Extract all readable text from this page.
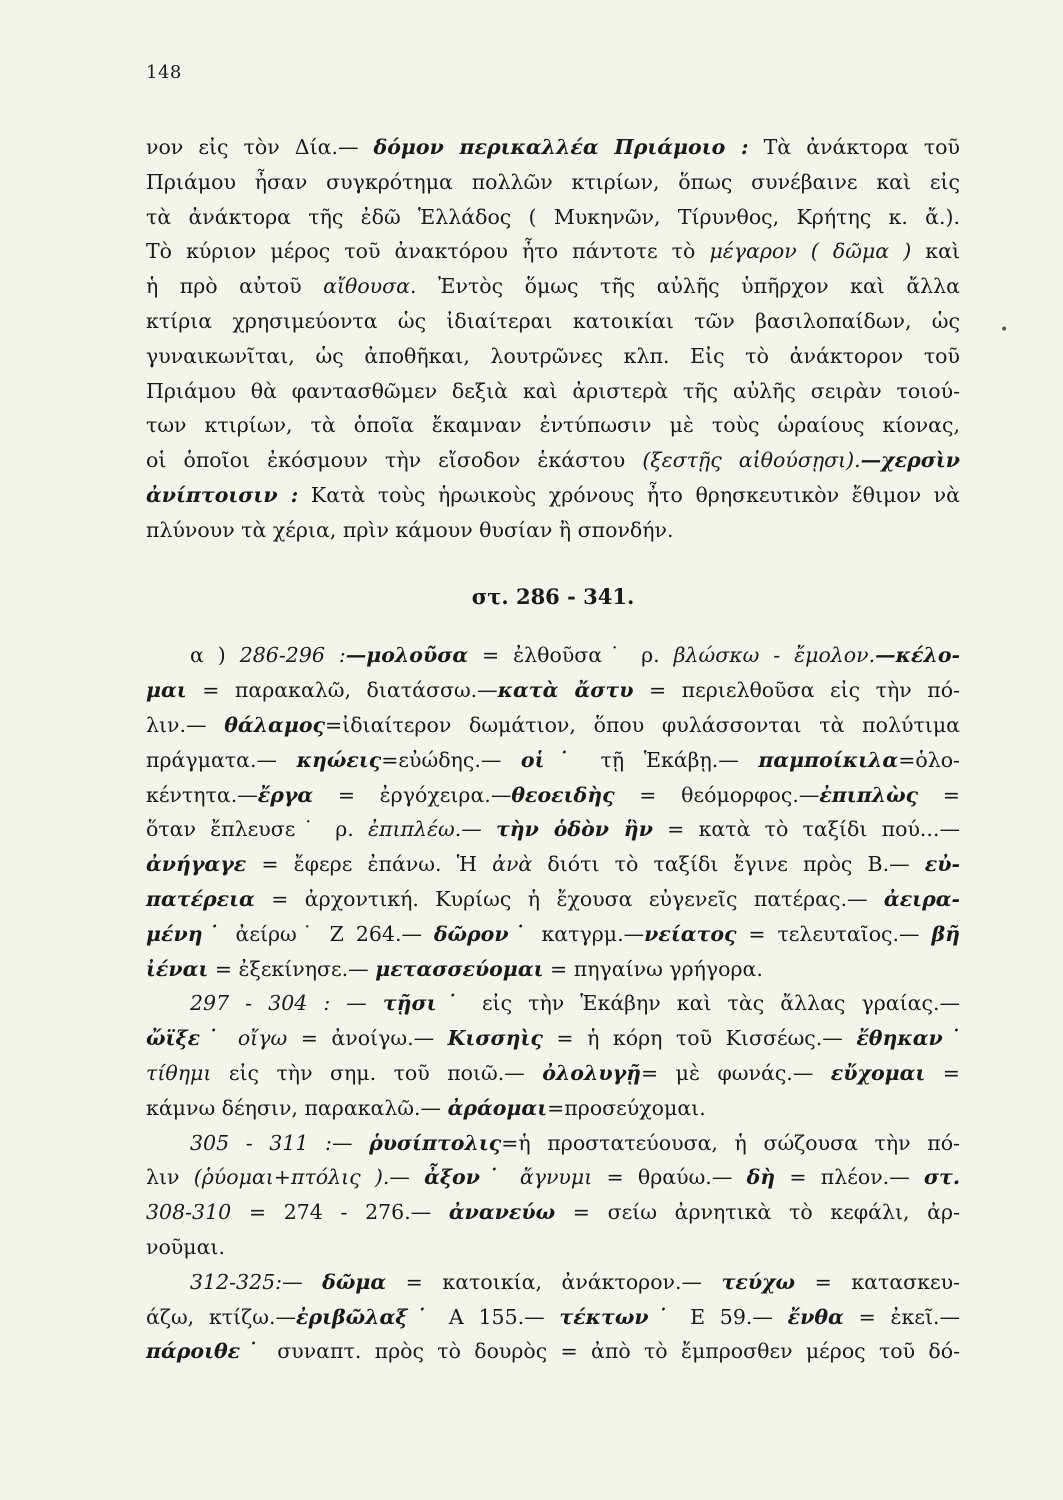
148
•
νον εἰς τὸν Δία.— δόμον περικαλλέα Πριάμοιο : Τὰ ἀνάκτορα τοῦ
Πριάμου ἦσαν συγκρότημα πολλῶν κτιρίων, ὅπως συνέβαινε καὶ εἰς
τὰ ἀνάκτορα τῆς ἐδῶ Ἑλλάδος ( Μυκηνῶν, Τίρυνθος, Κρήτης κ. ἄ.).
Τὸ κύριον μέρος τοῦ ἀνακτόρου ἦτο πάντοτε τὸ μέγαρον ( δῶμα ) καὶ
ἡ πρὸ αὐτοῦ αἴθουσα. Ἐντὸς ὅμως τῆς αὐλῆς ὑπῆρχον καὶ ἄλλα
κτίρια χρησιμεύοντα ὡς ἰδιαίτεραι κατοικίαι τῶν βασιλοπαίδων, ὡς
γυναικωνῖται, ὡς ἀποθῆκαι, λουτρῶνες κλπ. Εἰς τὸ ἀνάκτορον τοῦ
Πριάμου θὰ φαντασθῶμεν δεξιὰ καὶ ἀριστερὰ τῆς αὐλῆς σειρὰν τοιού-
των κτιρίων, τὰ ὁποῖα ἔκαμναν ἐντύπωσιν μὲ τοὺς ὡραίους κίονας,
οἱ ὁποῖοι ἐκόσμουν τὴν εἴσοδον ἑκάστου (ξεστῇς αἰθούσῃσι).—χερσὶν
ἀνίπτοισιν : Κατὰ τοὺς ἡρωικοὺς χρόνους ἦτο θρησκευτικὸν ἔθιμον νὰ
πλύνουν τὰ χέρια, πρὶν κάμουν θυσίαν ἢ σπονδήν.
στ. 286 - 341.
α ) 286-296 :—μολοῦσα = ἐλθοῦσα˙ ρ. βλώσκω - ἔμολον.—κέλο-
μαι = παρακαλῶ, διατάσσω.—κατὰ ἄστυ = περιελθοῦσα εἰς τὴν πό-
λιν.— θάλαμος=ἰδιαίτερον δωμάτιον, ὅπου φυλάσσονται τὰ πολύτιμα
πράγματα.— κηώεις=εὐώδης.— οἱ˙ τῇ Ἑκάβῃ.— παμποίκιλα=ὁλο-
κέντητα.—ἔργα = ἐργόχειρα.—θεοειδὴς = θεόμορφος.—ἐπιπλὼς =
ὅταν ἔπλευσε˙ ρ. ἐπιπλέω.— τὴν ὁδὸν ἣν = κατὰ τὸ ταξίδι πού...—
ἀνήγαγε = ἔφερε ἐπάνω. Ἡ ἀνὰ διότι τὸ ταξίδι ἔγινε πρὸς Β.— εὐ-
πατέρεια = ἀρχοντική. Κυρίως ἡ ἔχουσα εὐγενεῖς πατέρας.— ἀειρα-
μένη˙ ἀείρω˙ Ζ 264.— δῶρον˙ κατγρμ.—νείατος = τελευταῖος.— βῆ
ἰέναι = ἐξεκίνησε.— μετασσεύομαι = πηγαίνω γρήγορα.
297 - 304 : — τῇσι˙ εἰς τὴν Ἑκάβην καὶ τὰς ἄλλας γραίας.—
ὤϊξε˙ οἴγω = ἀνοίγω.— Κισσηὶς = ἡ κόρη τοῦ Κισσέως.— ἔθηκαν˙
τίθημι εἰς τὴν σημ. τοῦ ποιῶ.— ὀλολυγῇ= μὲ φωνάς.— εὔχομαι =
κάμνω δέησιν, παρακαλῶ.— ἀράομαι=προσεύχομαι.
305 - 311 :— ῥυσίπτολις=ἡ προστατεύουσα, ἡ σώζουσα τὴν πό-
λιν (ῥύομαι+πτόλις ).— ἆξον˙ ἄγνυμι = θραύω.— δὴ = πλέον.— στ.
308-310 = 274 - 276.— ἀνανεύω = σείω ἀρνητικὰ τὸ κεφάλι, ἀρ-
νοῦμαι.
312-325:— δῶμα = κατοικία, ἀνάκτορον.— τεύχω = κατασκευ-
άζω, κτίζω.—ἐριβῶλαξ˙ Α 155.— τέκτων˙ Ε 59.— ἔνθα = ἐκεῖ.—
πάροιθε˙ συναπτ. πρὸς τὸ δουρὸς = ἀπὸ τὸ ἔμπροσθεν μέρος τοῦ δό-
